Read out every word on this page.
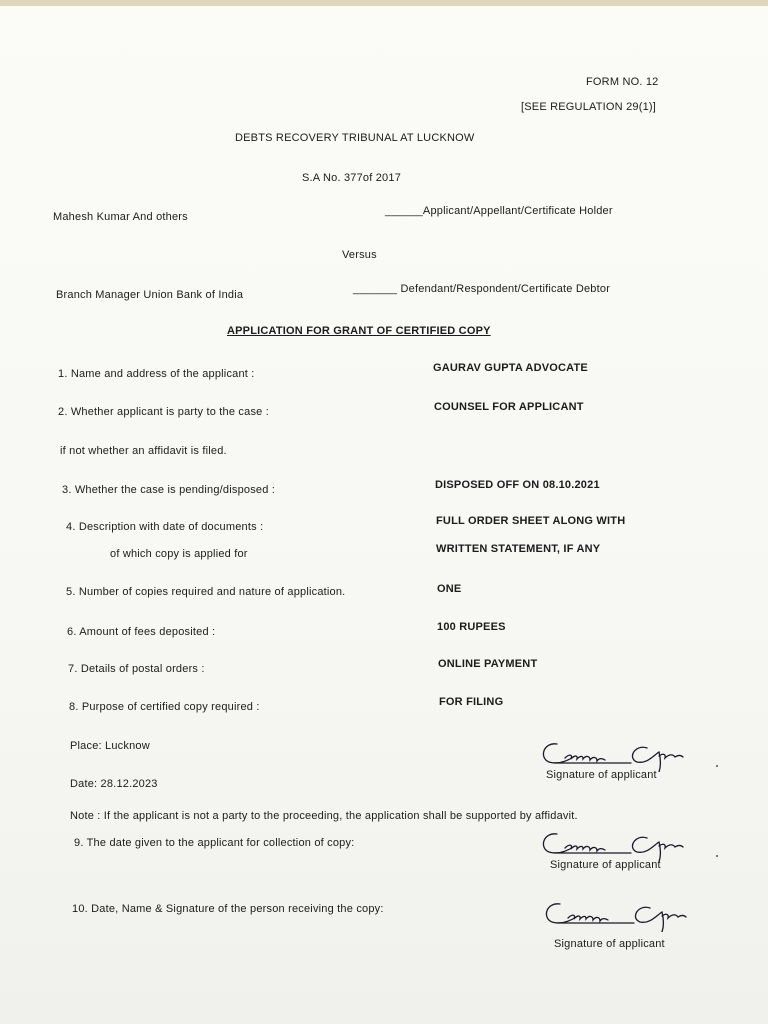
FORM NO. 12
[SEE REGULATION 29(1)]
DEBTS RECOVERY TRIBUNAL AT LUCKNOW
S.A No. 377of 2017
Mahesh Kumar And others	______Applicant/Appellant/Certificate Holder
Versus
Branch Manager Union Bank of India	_______ Defendant/Respondent/Certificate Debtor
APPLICATION FOR GRANT OF CERTIFIED COPY
1. Name and address of the applicant :	GAURAV GUPTA ADVOCATE
2. Whether applicant is party to the case :	COUNSEL FOR APPLICANT
if not whether an affidavit is filed.
3. Whether the case is pending/disposed :	DISPOSED OFF ON 08.10.2021
4. Description with date of documents :	FULL ORDER SHEET ALONG WITH
of which copy is applied for	WRITTEN STATEMENT, IF ANY
5. Number of copies required and nature of application.	ONE
6. Amount of fees deposited :	100 RUPEES
7. Details of postal orders :	ONLINE PAYMENT
8. Purpose of certified copy required :	FOR FILING
Place: Lucknow
Date: 28.12.2023
Signature of applicant
Note : If the applicant is not a party to the proceeding, the application shall be supported by affidavit.
9. The date given to the applicant for collection of copy:
Signature of applicant
10. Date, Name & Signature of the person receiving the copy:
Signature of applicant
